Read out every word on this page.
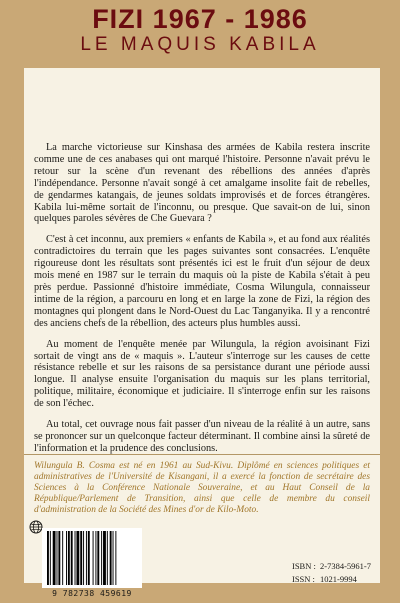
FIZI 1967 - 1986
LE MAQUIS KABILA

La marche victorieuse sur Kinshasa des armées de Kabila restera inscrite comme une de ces anabases qui ont marqué l'histoire. Personne n'avait prévu le retour sur la scène d'un revenant des rébellions des années d'après l'indépendance. Personne n'avait songé à cet amalgame insolite fait de rebelles, de gendarmes katangais, de jeunes soldats improvisés et de forces étrangères. Kabila lui-même sortait de l'inconnu, ou presque. Que savait-on de lui, sinon quelques paroles sévères de Che Guevara ?

C'est à cet inconnu, aux premiers « enfants de Kabila », et au fond aux réalités contradictoires du terrain que les pages suivantes sont consacrées. L'enquête rigoureuse dont les résultats sont présentés ici est le fruit d'un séjour de deux mois mené en 1987 sur le terrain du maquis où la piste de Kabila s'était à peu près perdue. Passionné d'histoire immédiate, Cosma Wilungula, connaisseur intime de la région, a parcouru en long et en large la zone de Fizi, la région des montagnes qui plongent dans le Nord-Ouest du Lac Tanganyika. Il y a rencontré des anciens chefs de la rébellion, des acteurs plus humbles aussi.

Au moment de l'enquête menée par Wilungula, la région avoisinant Fizi sortait de vingt ans de « maquis ». L'auteur s'interroge sur les causes de cette résistance rebelle et sur les raisons de sa persistance durant une période aussi longue. Il analyse ensuite l'organisation du maquis sur les plans territorial, politique, militaire, économique et judiciaire. Il s'interroge enfin sur les raisons de son l'échec.

Au total, cet ouvrage nous fait passer d'un niveau de la réalité à un autre, sans se prononcer sur un quelconque facteur déterminant. Il combine ainsi la sûreté de l'information et la prudence des conclusions.

Wilungula B. Cosma est né en 1961 au Sud-Kivu. Diplômé en sciences politiques et administratives de l'Université de Kisangani, il a exercé la fonction de secrétaire des Sciences à la Conférence Nationale Souveraine, et au Haut Conseil de la République/Parlement de Transition, ainsi que celle de membre du conseil d'administration de la Société des Mines d'or de Kilo-Moto.

9 782738 459619
ISBN : 2-7384-5961-7
ISSN : 1021-9994
